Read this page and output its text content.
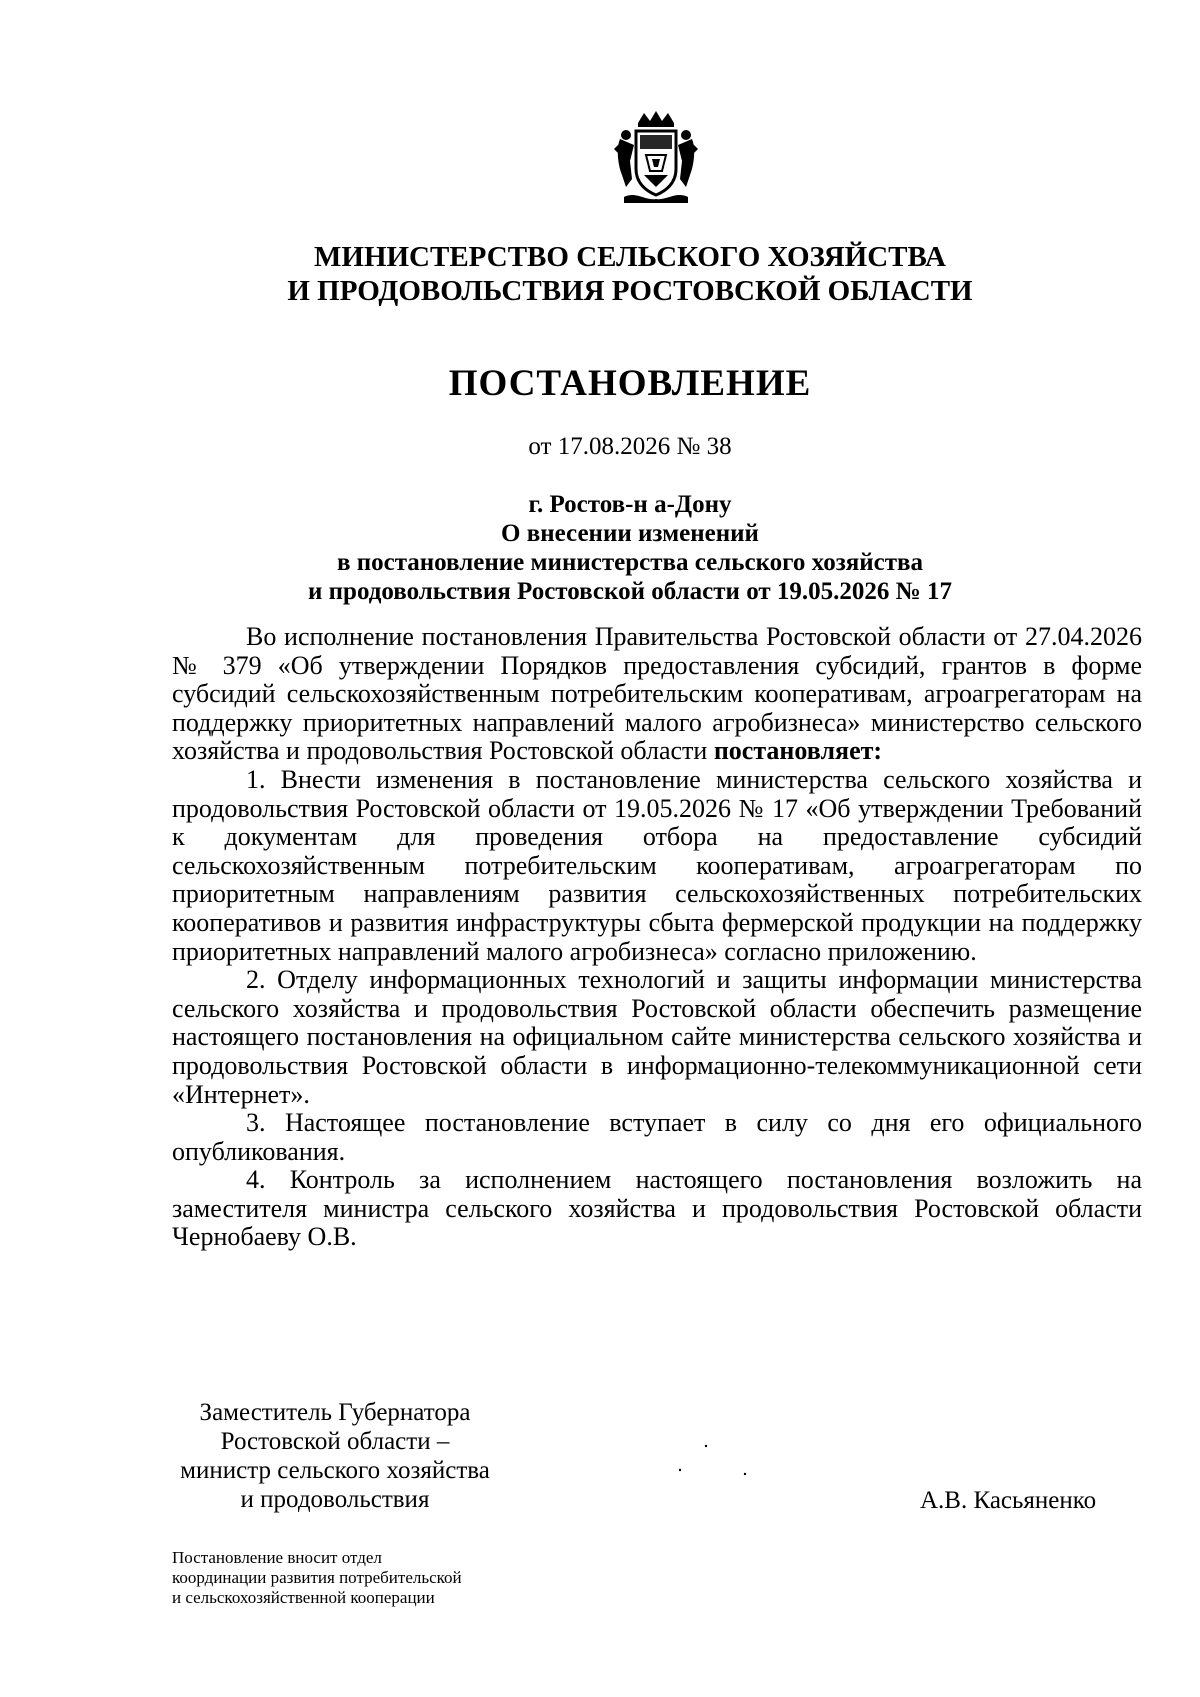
МИНИСТЕРСТВО СЕЛЬСКОГО ХОЗЯЙСТВА
И ПРОДОВОЛЬСТВИЯ РОСТОВСКОЙ ОБЛАСТИ
ПОСТАНОВЛЕНИЕ
от 17.08.2026 № 38
г. Ростов-н а-Дону
О внесении изменений
в постановление министерства сельского хозяйства
и продовольствия Ростовской области от 19.05.2026 № 17

Во исполнение постановления Правительства Ростовской области от 27.04.2026 № 379 «Об утверждении Порядков предоставления субсидий, грантов в форме субсидий сельскохозяйственным потребительским кооперативам, агроагрегаторам на поддержку приоритетных направлений малого агробизнеса» министерство сельского хозяйства и продовольствия Ростовской области постановляет:

1. Внести изменения в постановление министерства сельского хозяйства и продовольствия Ростовской области от 19.05.2026 № 17 «Об утверждении Требований к документам для проведения отбора на предоставление субсидий сельскохозяйственным потребительским кооперативам, агроагрегаторам по приоритетным направлениям развития сельскохозяйственных потребительских кооперативов и развития инфраструктуры сбыта фермерской продукции на поддержку приоритетных направлений малого агробизнеса» согласно приложению.

2. Отделу информационных технологий и защиты информации министерства сельского хозяйства и продовольствия Ростовской области обеспечить размещение настоящего постановления на официальном сайте министерства сельского хозяйства и продовольствия Ростовской области в информационно-телекоммуникационной сети «Интернет».

3. Настоящее постановление вступает в силу со дня его официального опубликования.

4. Контроль за исполнением настоящего постановления возложить на заместителя министра сельского хозяйства и продовольствия Ростовской области Чернобаеву О.В.

Заместитель Губернатора
Ростовской области –
министр сельского хозяйства
и продовольствия	А.В. Касьяненко
Постановление вносит отдел
координации развития потребительской
и сельскохозяйственной кооперации
